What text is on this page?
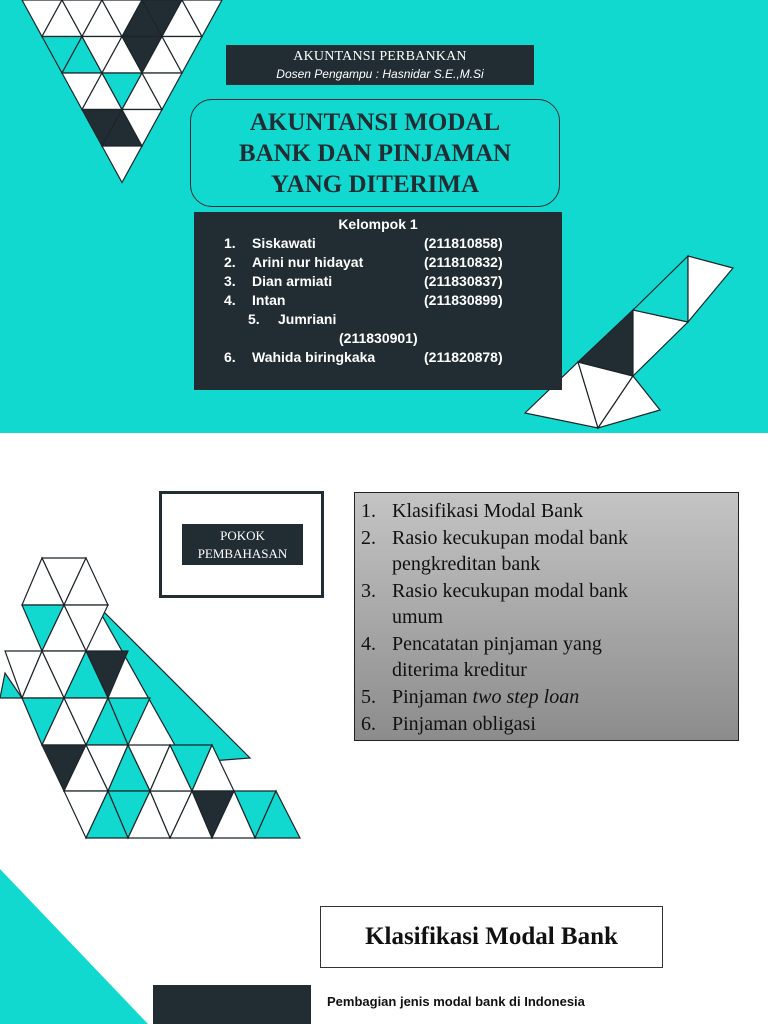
AKUNTANSI PERBANKAN
Dosen Pengampu : Hasnidar S.E.,M.Si

AKUNTANSI MODAL
BANK DAN PINJAMAN
YANG DITERIMA

Kelompok 1
1. Siskawati	(211810858)
2. Arini nur hidayat	(211810832)
3. Dian armiati	(211830837)
4. Intan	(211830899)
5. Jumriani
(211830901)
6. Wahida biringkaka	(211820878)
POKOK
PEMBAHASAN
1. Klasifikasi Modal Bank
2. Rasio kecukupan modal bank
pengkreditan bank
3. Rasio kecukupan modal bank
umum
4. Pencatatan pinjaman yang
diterima kreditur
5. Pinjaman two step loan
6. Pinjaman obligasi
Klasifikasi Modal Bank
Pembagian jenis modal bank di Indonesia
